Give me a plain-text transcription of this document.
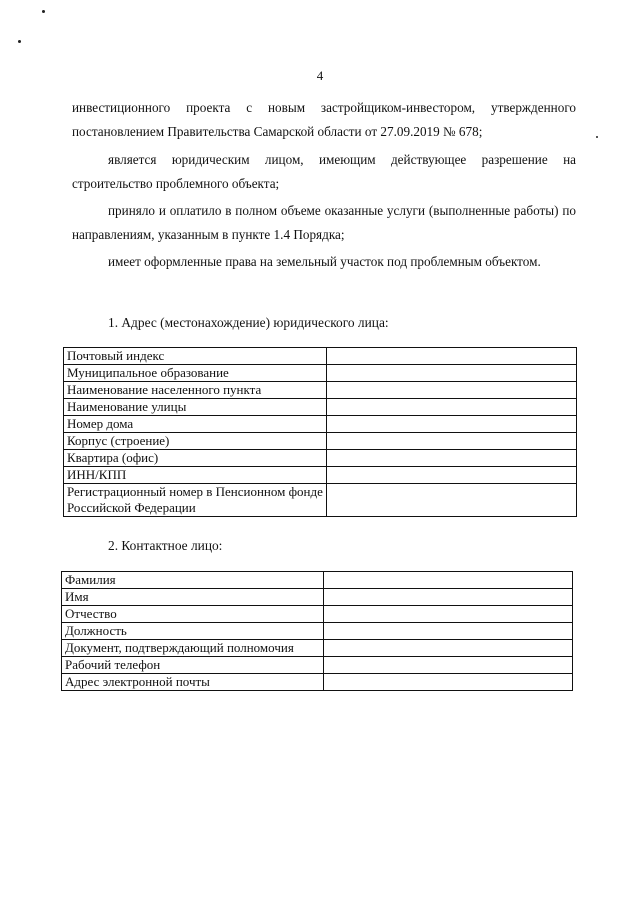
4
инвестиционного проекта с новым застройщиком-инвестором, утвержденного постановлением Правительства Самарской области от 27.09.2019 № 678;
является юридическим лицом, имеющим действующее разрешение на строительство проблемного объекта;
приняло и оплатило в полном объеме оказанные услуги (выполненные работы) по направлениям, указанным в пункте 1.4 Порядка;
имеет оформленные права на земельный участок под проблемным объектом.
1. Адрес (местонахождение) юридического лица:
Почтовый индекс	
Муниципальное образование	
Наименование населенного пункта	
Наименование улицы	
Номер дома	
Корпус (строение)	
Квартира (офис)	
ИНН/КПП	
Регистрационный номер в Пенсионном фонде Российской Федерации	
2. Контактное лицо:
Фамилия	
Имя	
Отчество	
Должность	
Документ, подтверждающий полномочия	
Рабочий телефон	
Адрес электронной почты	
